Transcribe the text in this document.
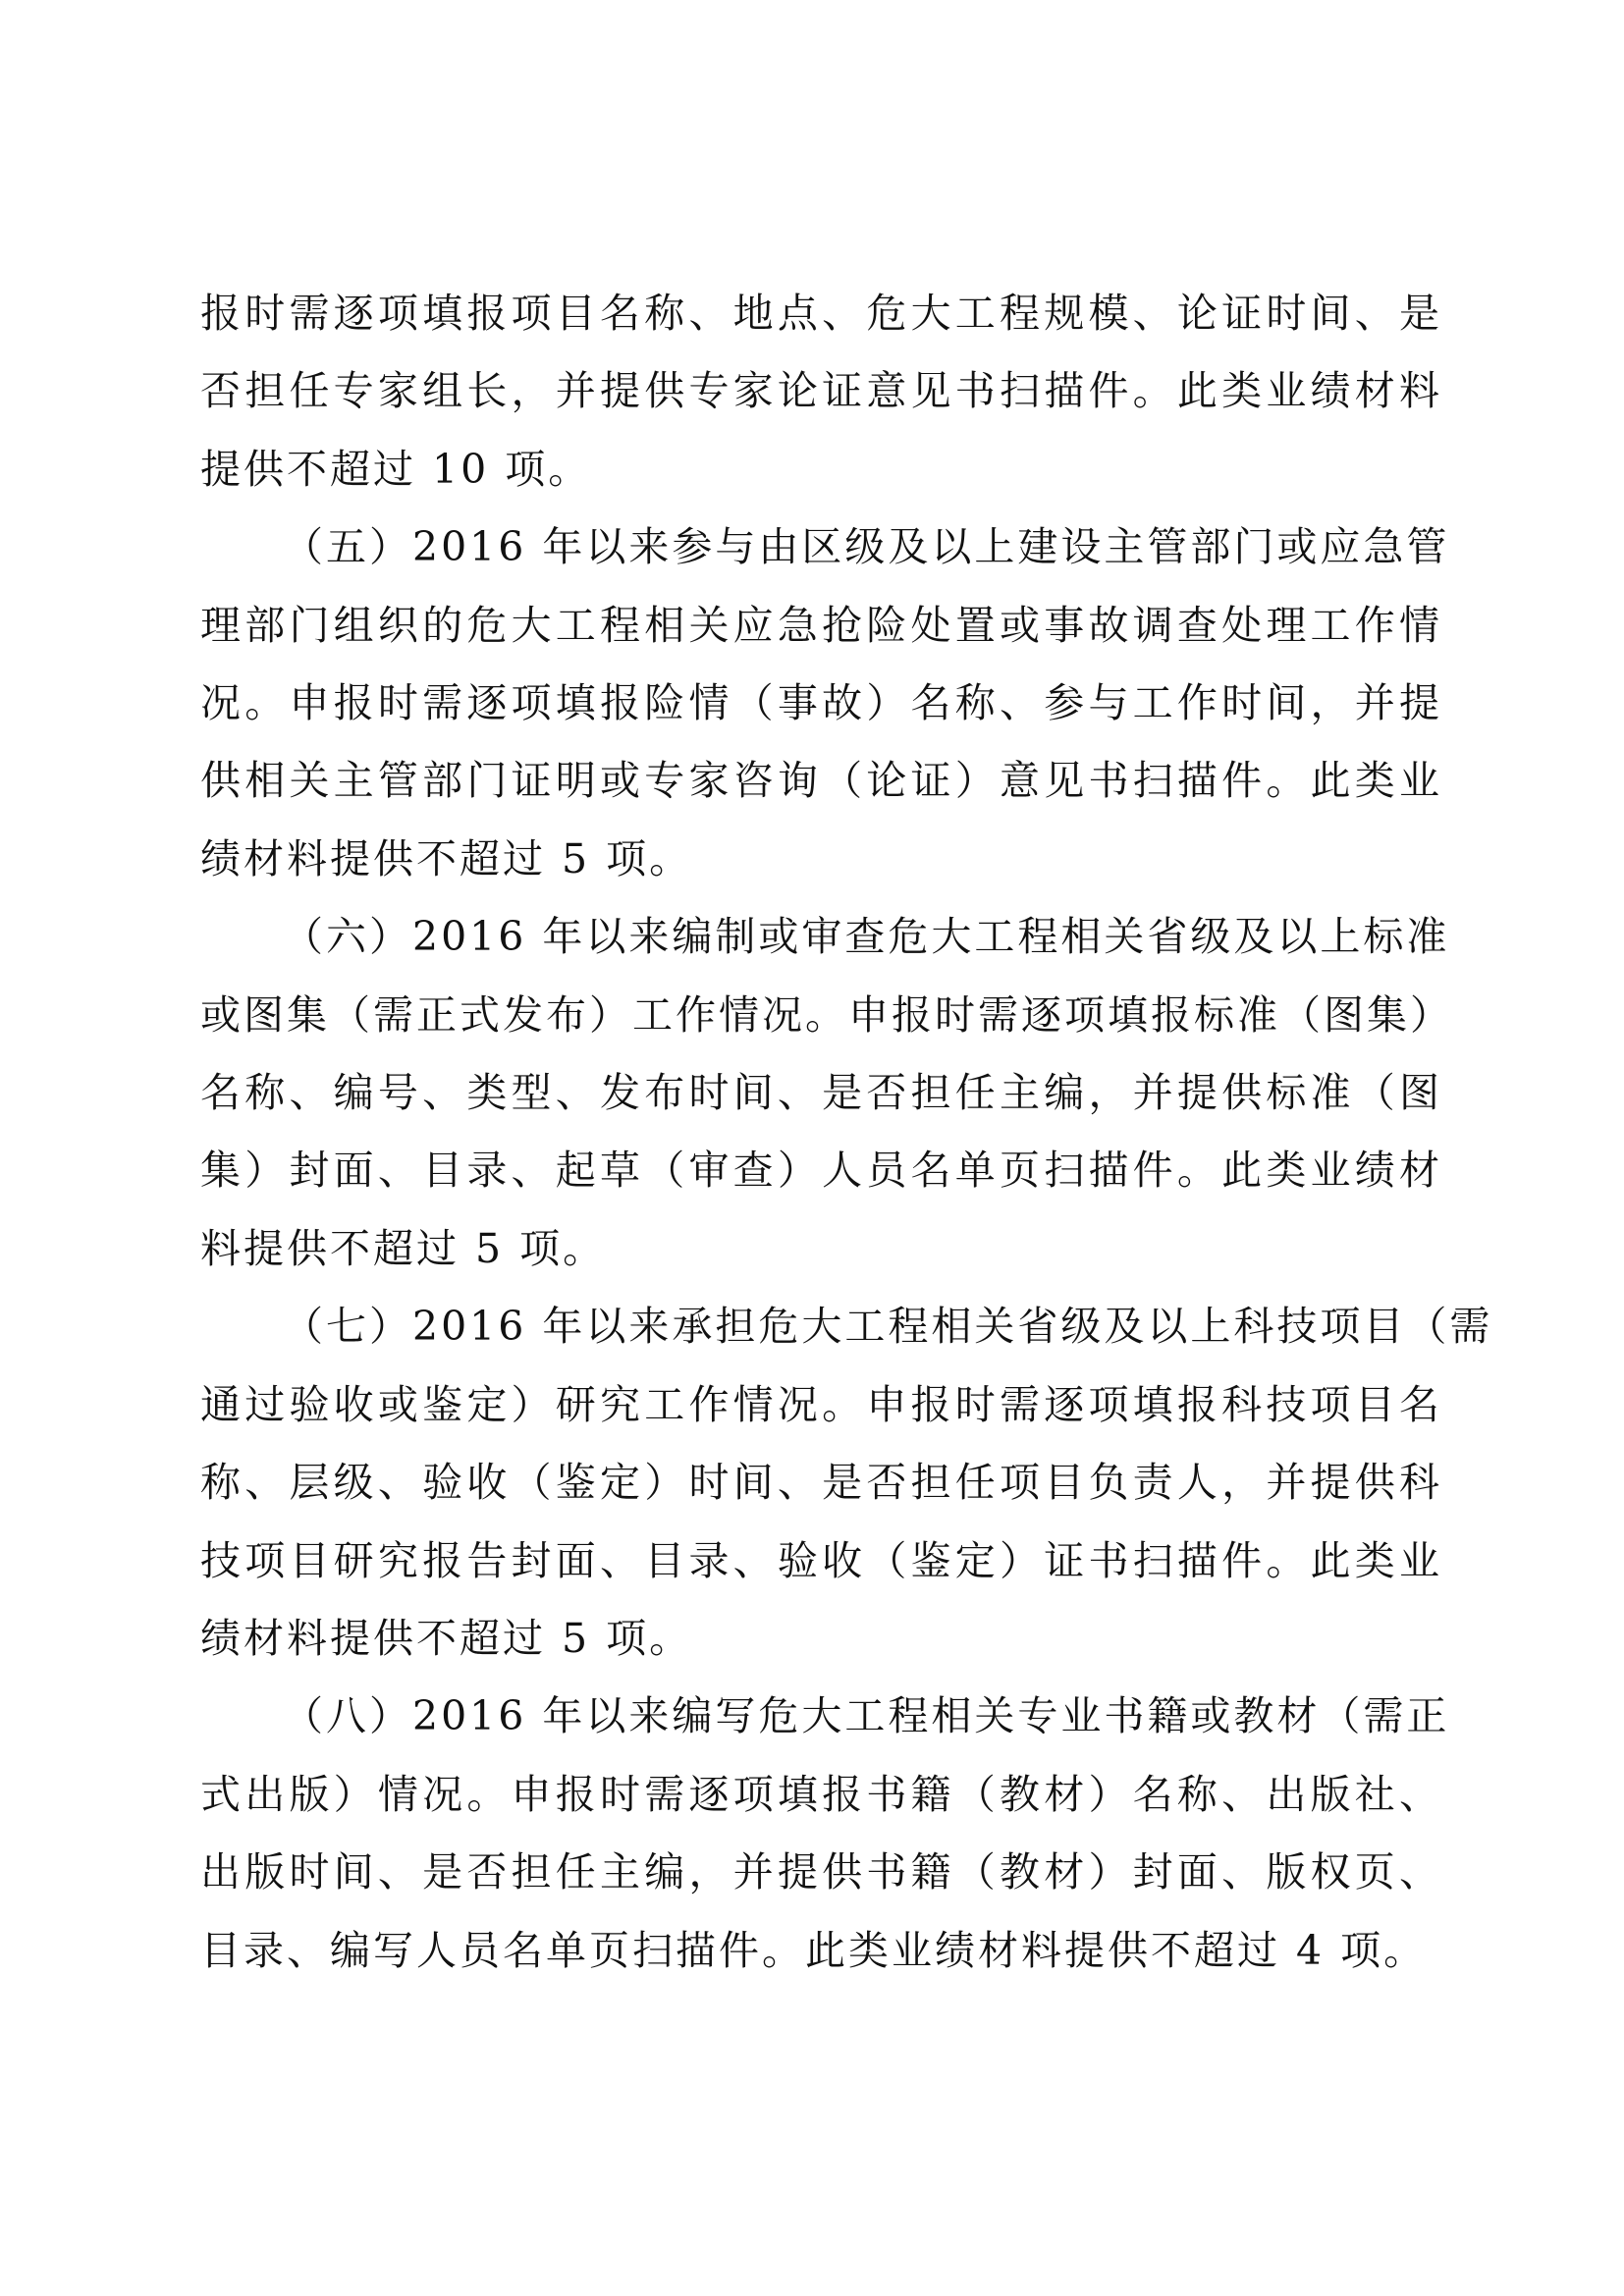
报时需逐项填报项目名称、地点、危大工程规模、论证时间、是
否担任专家组长，并提供专家论证意见书扫描件。此类业绩材料
提供不超过 10 项。

（五）2016 年以来参与由区级及以上建设主管部门或应急管
理部门组织的危大工程相关应急抢险处置或事故调查处理工作情
况。申报时需逐项填报险情（事故）名称、参与工作时间，并提
供相关主管部门证明或专家咨询（论证）意见书扫描件。此类业
绩材料提供不超过 5 项。

（六）2016 年以来编制或审查危大工程相关省级及以上标准
或图集（需正式发布）工作情况。申报时需逐项填报标准（图集）
名称、编号、类型、发布时间、是否担任主编，并提供标准（图
集）封面、目录、起草（审查）人员名单页扫描件。此类业绩材
料提供不超过 5 项。

（七）2016 年以来承担危大工程相关省级及以上科技项目（需
通过验收或鉴定）研究工作情况。申报时需逐项填报科技项目名
称、层级、验收（鉴定）时间、是否担任项目负责人，并提供科
技项目研究报告封面、目录、验收（鉴定）证书扫描件。此类业
绩材料提供不超过 5 项。

（八）2016 年以来编写危大工程相关专业书籍或教材（需正
式出版）情况。申报时需逐项填报书籍（教材）名称、出版社、
出版时间、是否担任主编，并提供书籍（教材）封面、版权页、
目录、编写人员名单页扫描件。此类业绩材料提供不超过 4 项。
